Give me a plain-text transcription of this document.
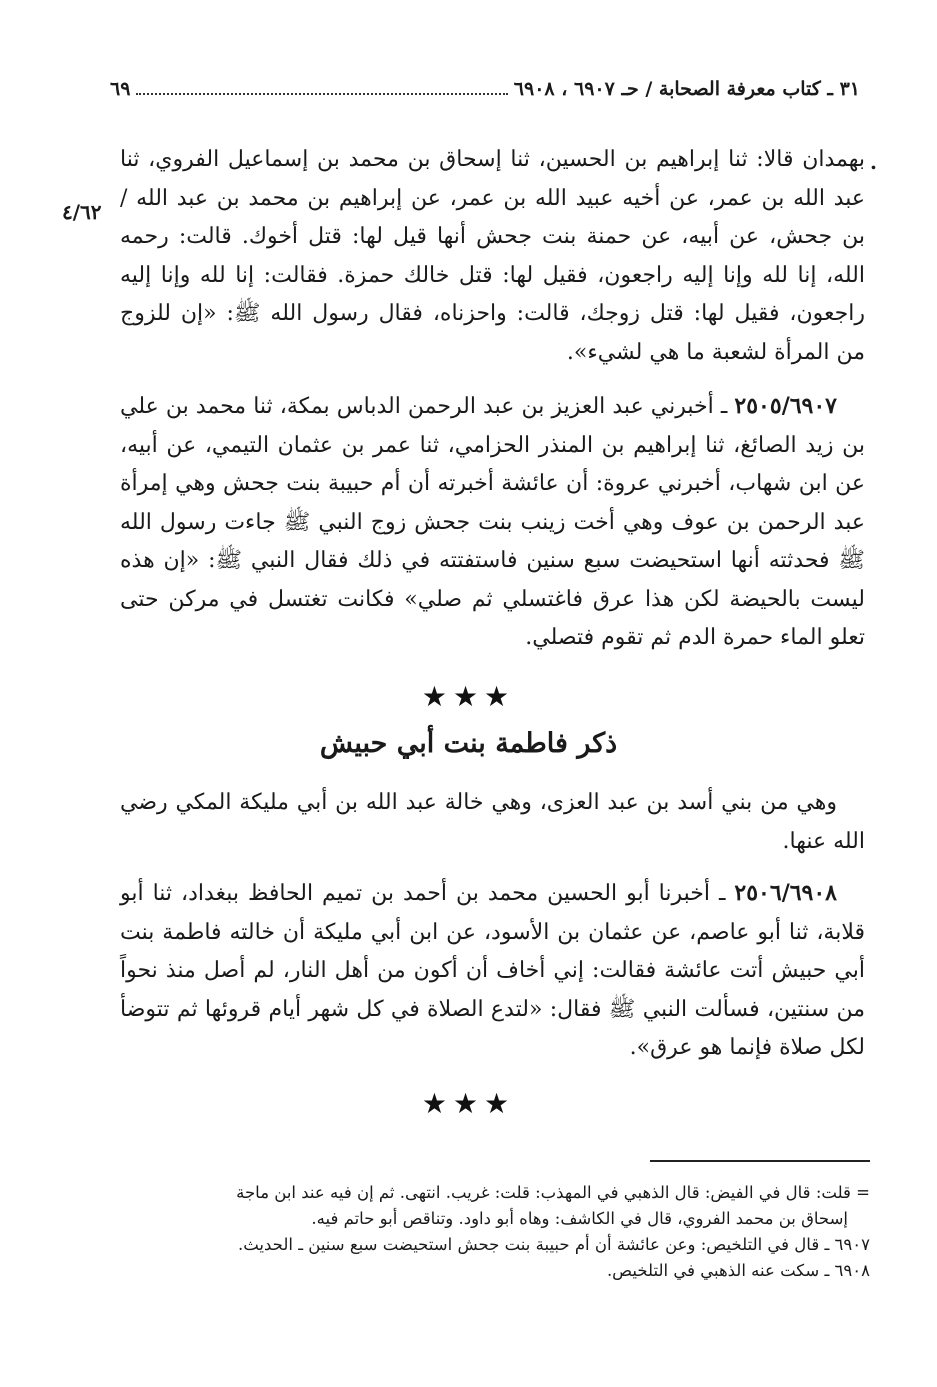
٣١ ـ كتاب معرفة الصحابة / حـ ٦٩٠٧ ، ٦٩٠٨
٦٩
.
٤/٦٢
بهمدان قالا: ثنا إبراهيم بن الحسين، ثنا إسحاق بن محمد بن إسماعيل الفروي، ثنا عبد الله بن عمر، عن أخيه عبيد الله بن عمر، عن إبراهيم بن محمد بن عبد الله / بن جحش، عن أبيه، عن حمنة بنت جحش أنها قيل لها: قتل أخوك. قالت: رحمه الله، إنا لله وإنا إليه راجعون، فقيل لها: قتل خالك حمزة. فقالت: إنا لله وإنا إليه راجعون، فقيل لها: قتل زوجك، قالت: واحزناه، فقال رسول الله ﷺ: «إن للزوج من المرأة لشعبة ما هي لشيء».
٢٥٠٥/٦٩٠٧ ـ أخبرني عبد العزيز بن عبد الرحمن الدباس بمكة، ثنا محمد بن علي بن زيد الصائغ، ثنا إبراهيم بن المنذر الحزامي، ثنا عمر بن عثمان التيمي، عن أبيه، عن ابن شهاب، أخبرني عروة: أن عائشة أخبرته أن أم حبيبة بنت جحش وهي إمرأة عبد الرحمن بن عوف وهي أخت زينب بنت جحش زوج النبي ﷺ جاءت رسول الله ﷺ فحدثته أنها استحيضت سبع سنين فاستفتته في ذلك فقال النبي ﷺ: «إن هذه ليست بالحيضة لكن هذا عرق فاغتسلي ثم صلي» فكانت تغتسل في مركن حتى تعلو الماء حمرة الدم ثم تقوم فتصلي.
★★★
ذكر فاطمة بنت أبي حبيش
وهي من بني أسد بن عبد العزى، وهي خالة عبد الله بن أبي مليكة المكي رضي الله عنها.
٢٥٠٦/٦٩٠٨ ـ أخبرنا أبو الحسين محمد بن أحمد بن تميم الحافظ ببغداد، ثنا أبو قلابة، ثنا أبو عاصم، عن عثمان بن الأسود، عن ابن أبي مليكة أن خالته فاطمة بنت أبي حبيش أتت عائشة فقالت: إني أخاف أن أكون من أهل النار، لم أصل منذ نحواً من سنتين، فسألت النبي ﷺ فقال: «لتدع الصلاة في كل شهر أيام قروئها ثم تتوضأ لكل صلاة فإنما هو عرق».
★★★
= قلت: قال في الفيض: قال الذهبي في المهذب: قلت: غريب. انتهى. ثم إن فيه عند ابن ماجة
إسحاق بن محمد الفروي، قال في الكاشف: وهاه أبو داود. وتناقص أبو حاتم فيه.
٦٩٠٧ ـ قال في التلخيص: وعن عائشة أن أم حبيبة بنت جحش استحيضت سبع سنين ـ الحديث.
٦٩٠٨ ـ سكت عنه الذهبي في التلخيص.
